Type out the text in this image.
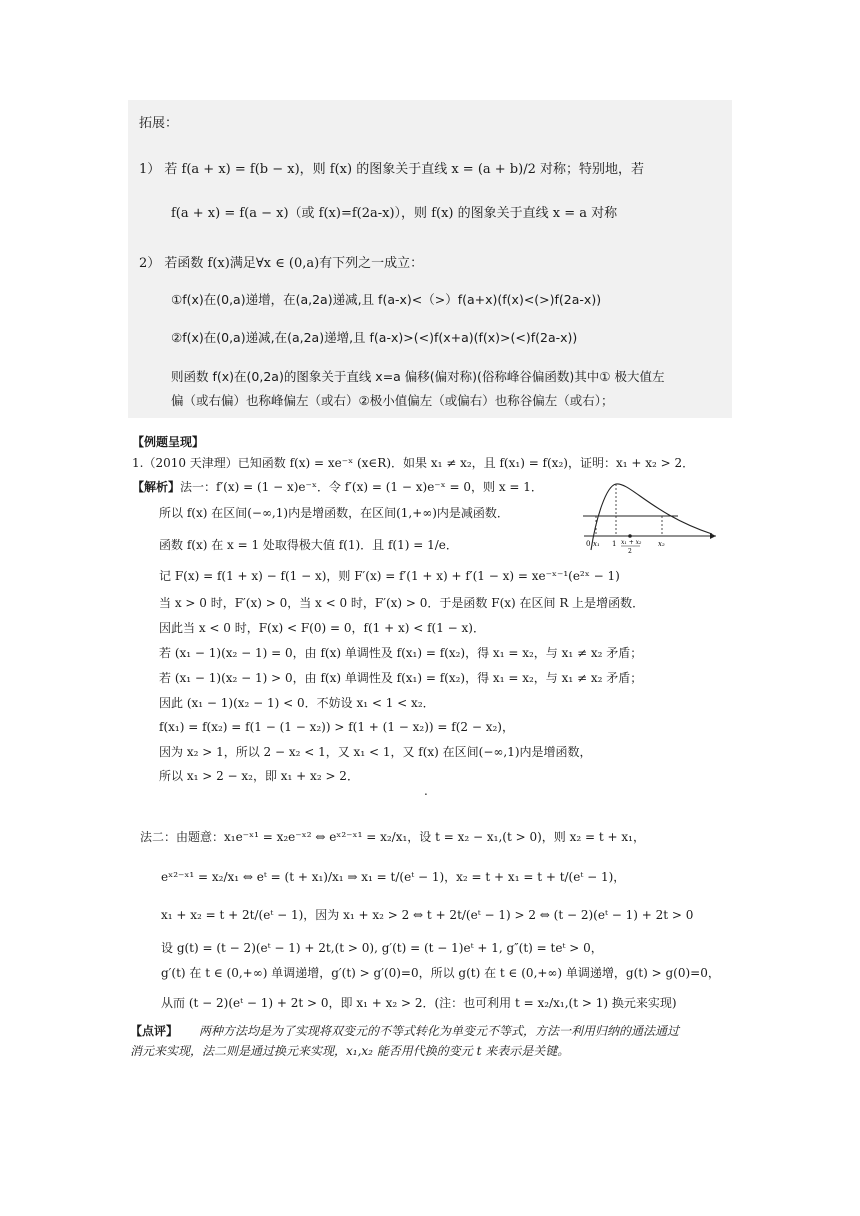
拓展：
1） 若 f(a + x) = f(b − x)，则 f(x) 的图象关于直线 x = (a + b)/2 对称；特别地，若
f(a + x) = f(a − x)（或 f(x)=f(2a-x)），则 f(x) 的图象关于直线 x = a 对称
2） 若函数 f(x)满足∀x ∈ (0,a)有下列之一成立：
①f(x)在(0,a)递增，在(a,2a)递减,且 f(a-x)<（>）f(a+x)(f(x)<(>)f(2a-x))
②f(x)在(0,a)递减,在(a,2a)递增,且 f(a-x)>(<)f(x+a)(f(x)>(<)f(2a-x))
则函数 f(x)在(0,2a)的图象关于直线 x=a 偏移(偏对称)(俗称峰谷偏函数)其中① 极大值左
偏（或右偏）也称峰偏左（或右）②极小值偏左（或偏右）也称谷偏左（或右）；
【例题呈现】
1.（2010 天津理）已知函数 f(x) = xe⁻ˣ (x∈R)．如果 x₁ ≠ x₂，且 f(x₁) = f(x₂)，证明：x₁ + x₂ > 2．
【解析】 法一：f′(x) = (1 − x)e⁻ˣ．令 f′(x) = (1 − x)e⁻ˣ = 0，则 x = 1．
所以 f(x) 在区间(−∞,1)内是增函数，在区间(1,+∞)内是减函数．
函数 f(x) 在 x = 1 处取得极大值 f(1)．且 f(1) = 1/e．
记 F(x) = f(1 + x) − f(1 − x)，则 F′(x) = f′(1 + x) + f′(1 − x) = xe⁻ˣ⁻¹(e²ˣ − 1)
当 x > 0 时，F′(x) > 0，当 x < 0 时，F′(x) > 0．于是函数 F(x) 在区间 R 上是增函数．
因此当 x < 0 时，F(x) < F(0) = 0，f(1 + x) < f(1 − x)．
若 (x₁ − 1)(x₂ − 1) = 0，由 f(x) 单调性及 f(x₁) = f(x₂)，得 x₁ = x₂，与 x₁ ≠ x₂ 矛盾；
若 (x₁ − 1)(x₂ − 1) > 0，由 f(x) 单调性及 f(x₁) = f(x₂)，得 x₁ = x₂，与 x₁ ≠ x₂ 矛盾；
因此 (x₁ − 1)(x₂ − 1) < 0．不妨设 x₁ < 1 < x₂．
f(x₁) = f(x₂) = f(1 − (1 − x₂)) > f(1 + (1 − x₂)) = f(2 − x₂)，
因为 x₂ > 1，所以 2 − x₂ < 1，又 x₁ < 1，又 f(x) 在区间(−∞,1)内是增函数，
所以 x₁ > 2 − x₂，即 x₁ + x₂ > 2．
.
法二：由题意：x₁e⁻ˣ¹ = x₂e⁻ˣ² ⇔ eˣ²⁻ˣ¹ = x₂/x₁，设 t = x₂ − x₁,(t > 0)，则 x₂ = t + x₁，
eˣ²⁻ˣ¹ = x₂/x₁ ⇔ eᵗ = (t + x₁)/x₁ ⇒ x₁ = t/(eᵗ − 1)，x₂ = t + x₁ = t + t/(eᵗ − 1)，
x₁ + x₂ = t + 2t/(eᵗ − 1)，因为 x₁ + x₂ > 2 ⇔ t + 2t/(eᵗ − 1) > 2 ⇔ (t − 2)(eᵗ − 1) + 2t > 0
设 g(t) = (t − 2)(eᵗ − 1) + 2t,(t > 0), g′(t) = (t − 1)eᵗ + 1, g″(t) = teᵗ > 0，
g′(t) 在 t ∈ (0,+∞) 单调递增，g′(t) > g′(0)=0，所以 g(t) 在 t ∈ (0,+∞) 单调递增，g(t) > g(0)=0，
从而 (t − 2)(eᵗ − 1) + 2t > 0，即 x₁ + x₂ > 2．(注：也可利用 t = x₂/x₁,(t > 1) 换元来实现)
【点评】 两种方法均是为了实现将双变元的不等式转化为单变元不等式，方法一利用归纳的通法通过
消元来实现，法二则是通过换元来实现，x₁,x₂ 能否用代换的变元 t 来表示是关键。
0 x₁ 1 x₁ + x₂
2
x₂
